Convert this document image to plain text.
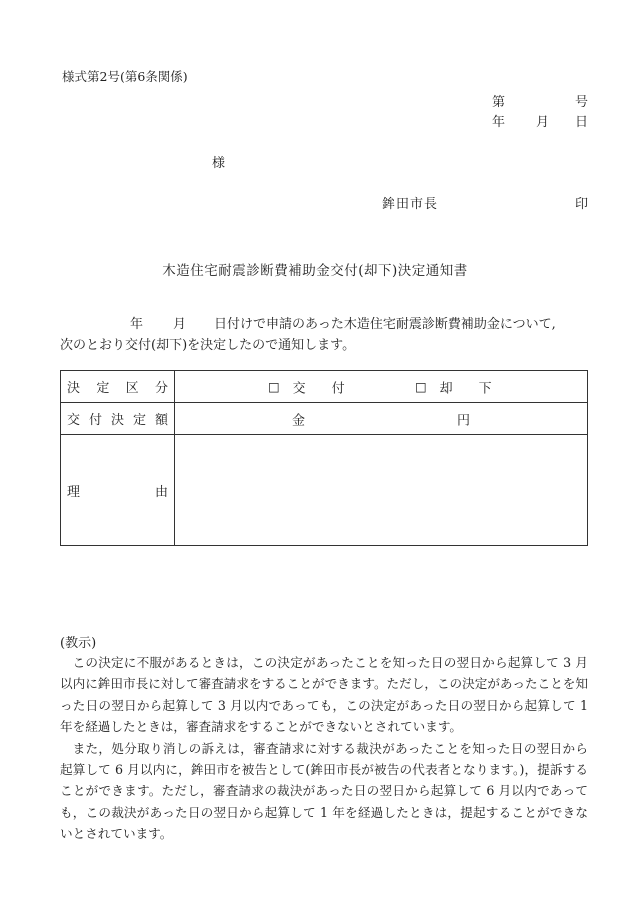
様式第2号(第6条関係)
第	号
年 月 日
様
鉾田市長	印
木造住宅耐震診断費補助金交付(却下)決定通知書
年 月 日付けで申請のあった木造住宅耐震診断費補助金について,
次のとおり交付(却下)を決定したので通知します。
決 定 区 分	☐　交　　付 ☐　却　　下

交 付 決 定 額	金 円

理 由	

(教示)

この決定に不服があるときは，この決定があったことを知った日の翌日から起算して 3 月以内に鉾田市長に対して審査請求をすることができます。ただし，この決定があったことを知った日の翌日から起算して 3 月以内であっても，この決定があった日の翌日から起算して 1 年を経過したときは，審査請求をすることができないとされています。

また，処分取り消しの訴えは，審査請求に対する裁決があったことを知った日の翌日から起算して 6 月以内に，鉾田市を被告として(鉾田市長が被告の代表者となります。)，提訴することができます。ただし，審査請求の裁決があった日の翌日から起算して 6 月以内であっても，この裁決があった日の翌日から起算して 1 年を経過したときは，提起することができないとされています。
